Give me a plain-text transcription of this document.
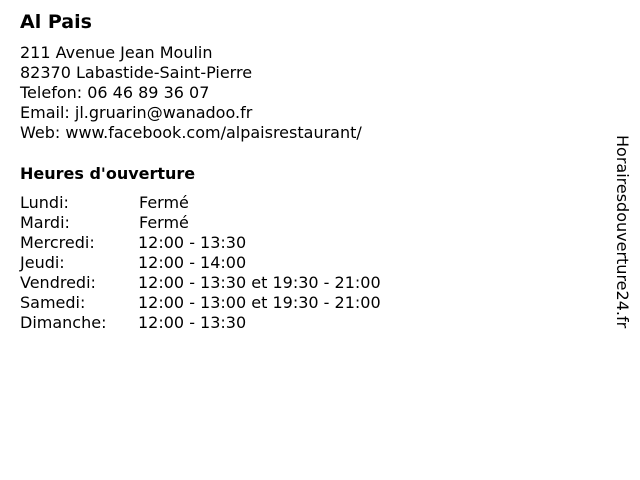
Al Pais
211 Avenue Jean Moulin
82370 Labastide-Saint-Pierre
Telefon: 06 46 89 36 07
Email: jl.gruarin@wanadoo.fr
Web: www.facebook.com/alpaisrestaurant/
Heures d'ouverture
Lundi:	Fermé
Mardi:	Fermé
Mercredi:	12:00 - 13:30
Jeudi:	12:00 - 14:00
Vendredi:	12:00 - 13:30 et 19:30 - 21:00
Samedi:	12:00 - 13:00 et 19:30 - 21:00
Dimanche: 12:00 - 13:30	Horairesdouverture24.fr
